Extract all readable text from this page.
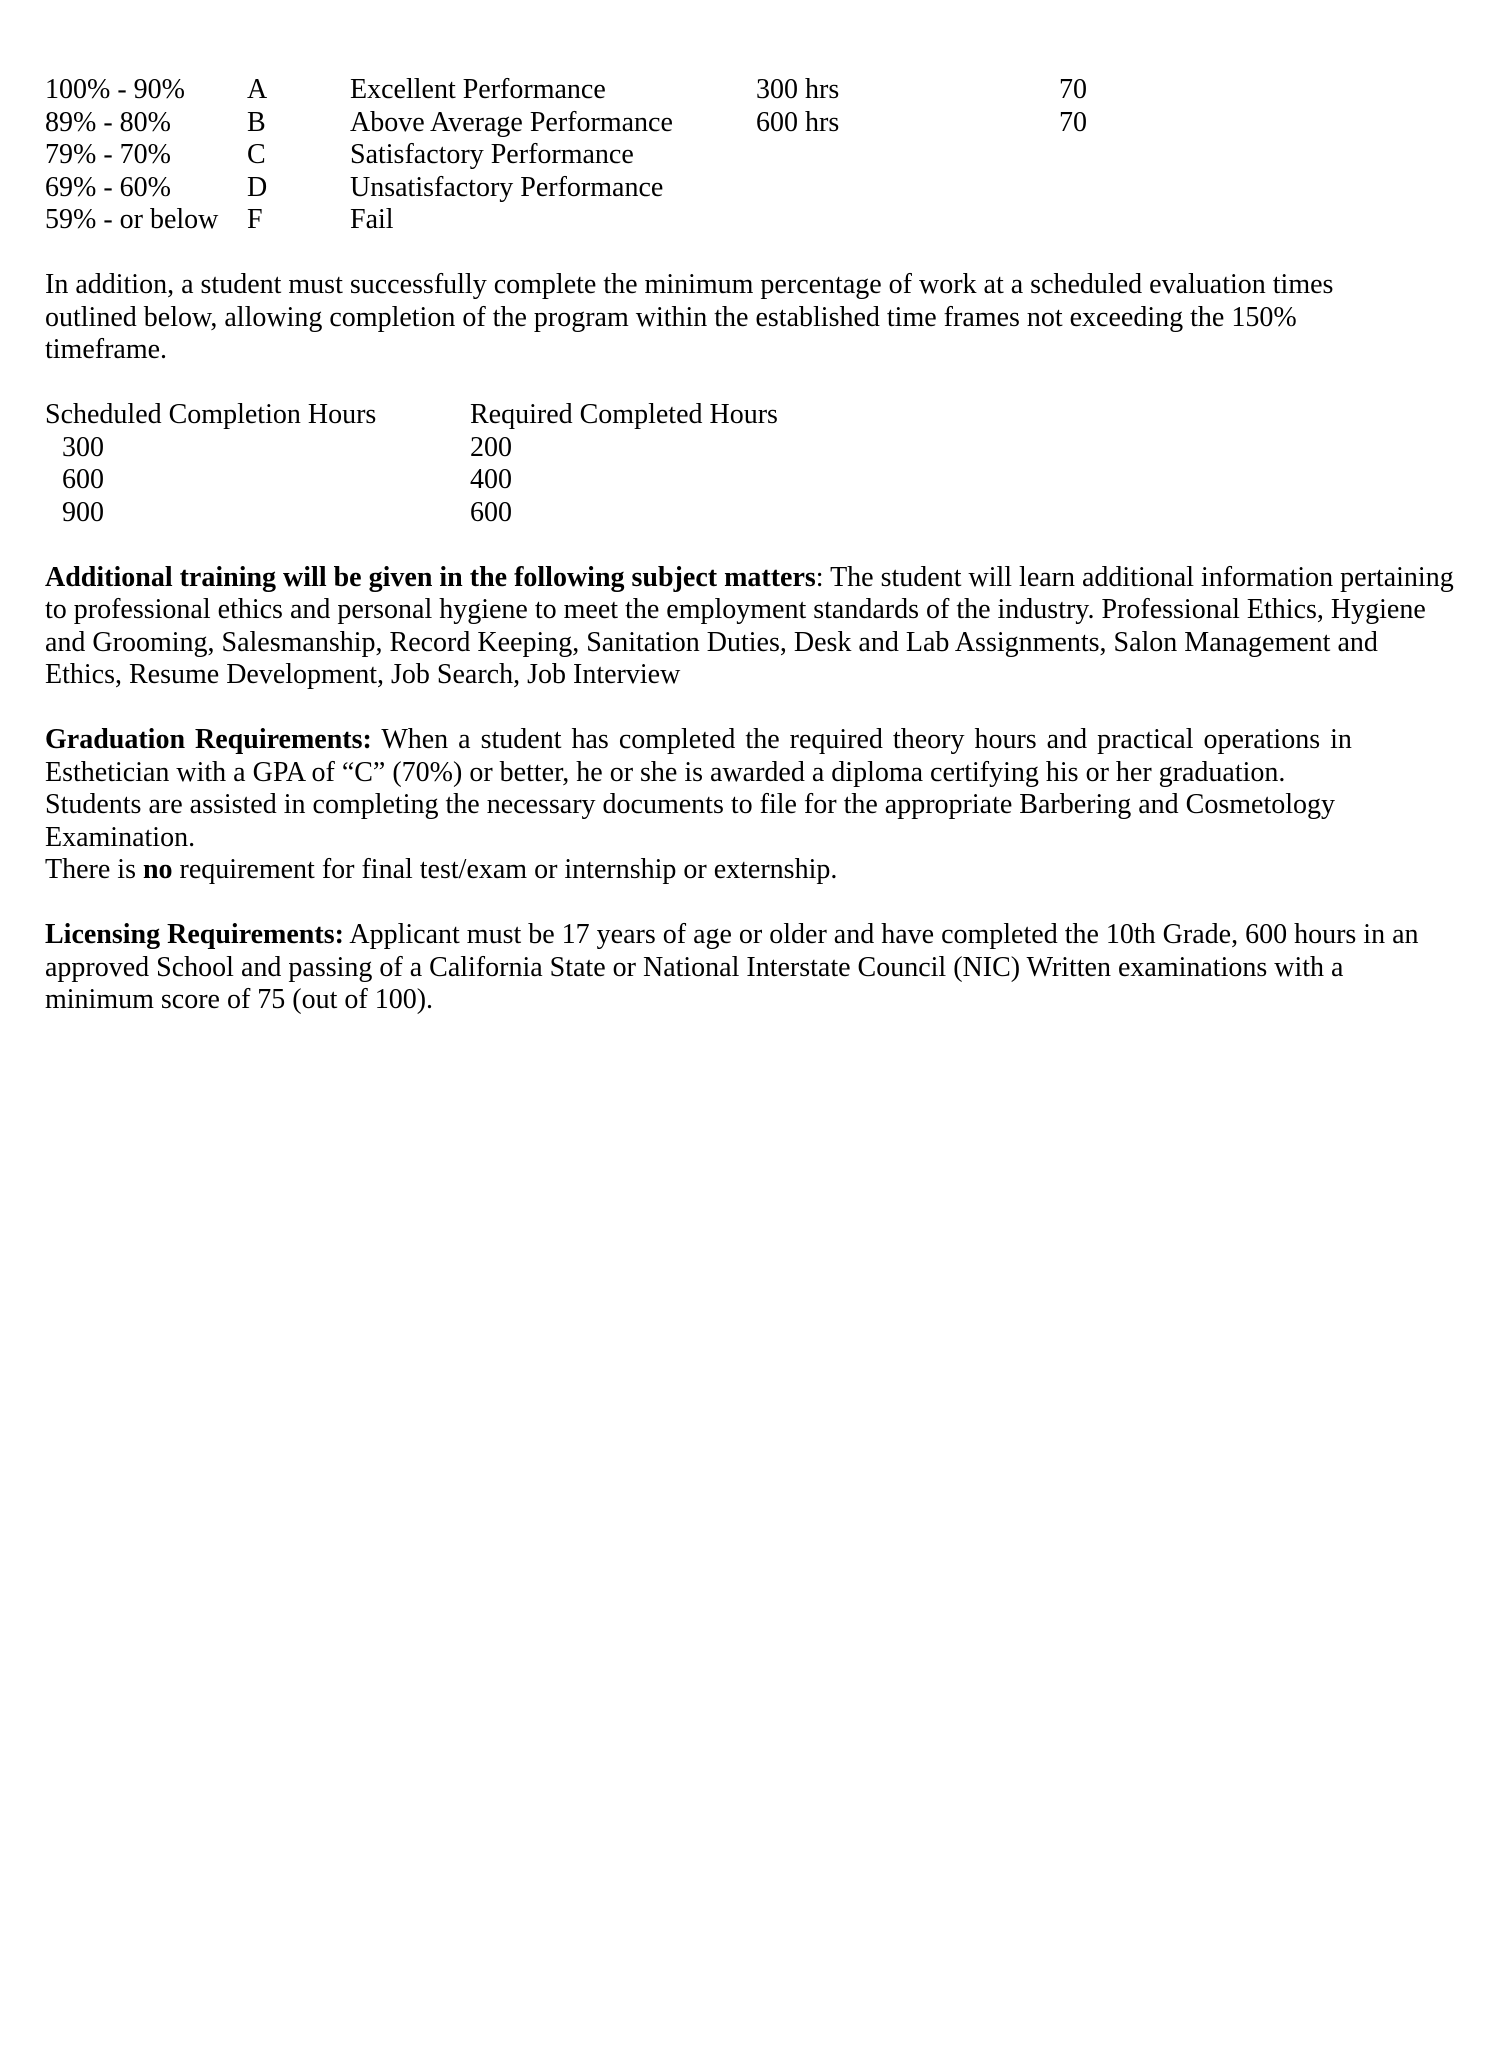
100% - 90%	A	Excellent Performance	300 hrs	70
89% - 80%	B	Above Average Performance	600 hrs	70
79% - 70%	C	Satisfactory Performance		
69% - 60%	D	Unsatisfactory Performance		
59% - or below	F	Fail		

In addition, a student must successfully complete the minimum percentage of work at a scheduled evaluation times
outlined below, allowing completion of the program within the established time frames not exceeding the 150%
timeframe.

Scheduled Completion Hours	Required Completed Hours
300	200
600	400
900	600

Additional training will be given in the following subject matters: The student will learn additional information pertaining
to professional ethics and personal hygiene to meet the employment standards of the industry. Professional Ethics, Hygiene
and Grooming, Salesmanship, Record Keeping, Sanitation Duties, Desk and Lab Assignments, Salon Management and
Ethics, Resume Development, Job Search, Job Interview

Graduation Requirements: When a student has completed the required theory hours and practical operations in
Esthetician with a GPA of “C” (70%) or better, he or she is awarded a diploma certifying his or her graduation.
Students are assisted in completing the necessary documents to file for the appropriate Barbering and Cosmetology
Examination.
There is no requirement for final test/exam or internship or externship.

Licensing Requirements: Applicant must be 17 years of age or older and have completed the 10th Grade, 600 hours in an
approved School and passing of a California State or National Interstate Council (NIC) Written examinations with a
minimum score of 75 (out of 100).
